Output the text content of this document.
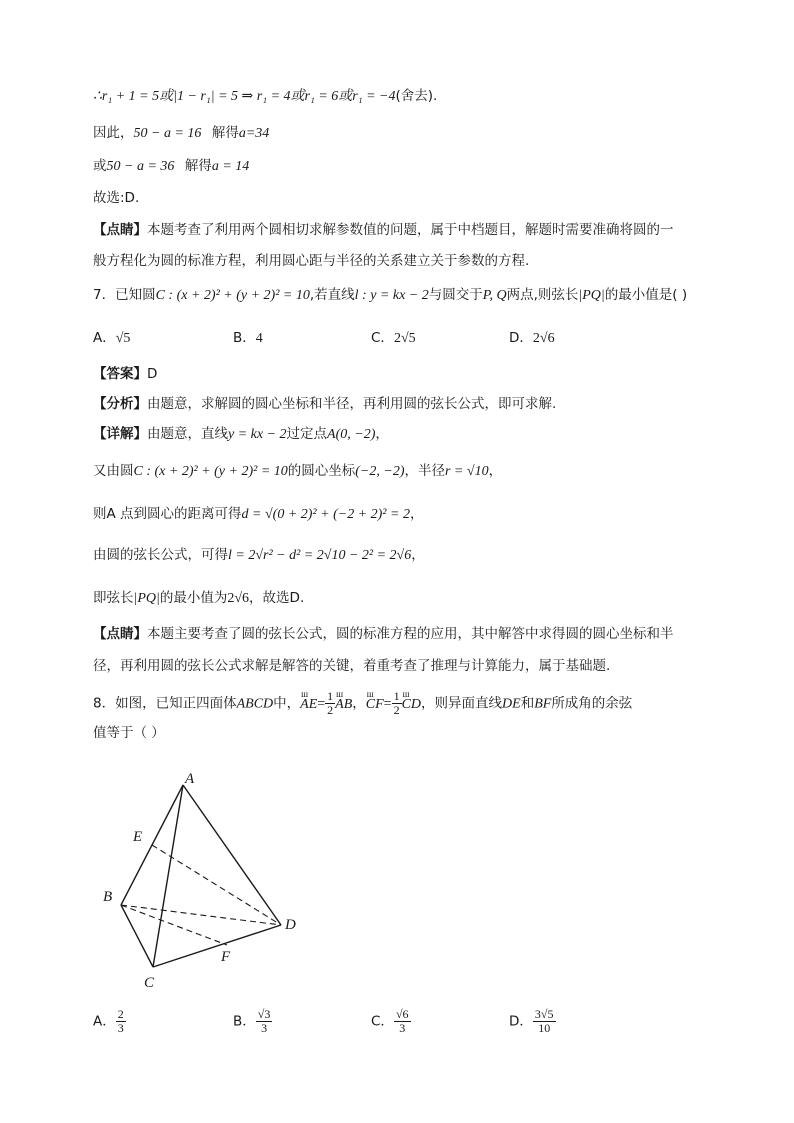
∴r₁ + 1 = 5或|1 − r₁| = 5 ⇒ r₁ = 4或r₁ = 6或r₁ = −4(舍去).
因此，50 − a = 16 解得a=34
或50 − a = 36 解得a = 14
故选:D.
【点睛】本题考查了利用两个圆相切求解参数值的问题，属于中档题目，解题时需要准确将圆的一
般方程化为圆的标准方程，利用圆心距与半径的关系建立关于参数的方程.
7．已知圆C : (x + 2)² + (y + 2)² = 10,若直线l : y = kx − 2与圆交于P, Q两点,则弦长|PQ|的最小值是( )
A．√5	B．4	C．2√5	D．2√6
【答案】D
【分析】由题意，求解圆的圆心坐标和半径，再利用圆的弦长公式，即可求解.
【详解】由题意，直线y = kx − 2过定点A(0, −2)，
又由圆C : (x + 2)² + (y + 2)² = 10的圆心坐标(−2, −2)，半径r = √10，
则A 点到圆心的距离可得d = √(0 + 2)² + (−2 + 2)² = 2，
由圆的弦长公式，可得l = 2√r² − d² = 2√10 − 2² = 2√6，
即弦长|PQ|的最小值为2√6，故选D.
【点睛】本题主要考查了圆的弦长公式，圆的标准方程的应用，其中解答中求得圆的圆心坐标和半
径，再利用圆的弦长公式求解是解答的关键，着重考查了推理与计算能力，属于基础题.
8．如图，已知正四面体ABCD中，ш $AE= \frac{1}{2}$ ш AB，ш $CF= \frac{1}{2}$ ш CD，则异面直线DE和BF所成角的余弦
值等于（ ）
A
E
B
D
F
C
A． $\frac{2}{3}$	B． $\frac{√3}{3}$	C． $\frac{√6}{3}$	D． $\frac{3√5}{10}$
